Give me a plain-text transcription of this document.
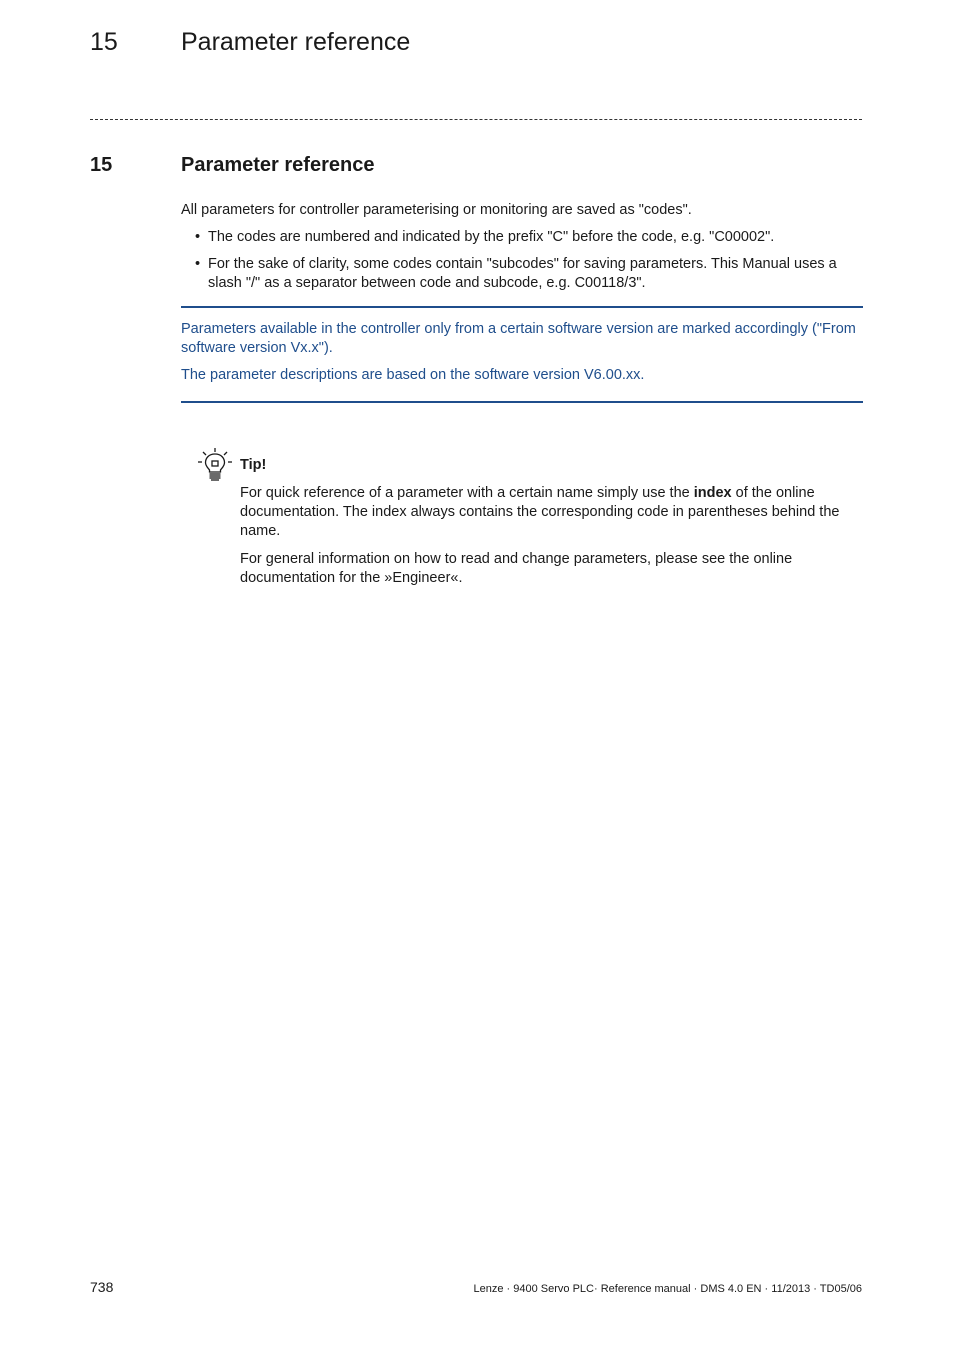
15	Parameter reference
15	Parameter reference
All parameters for controller parameterising or monitoring are saved as "codes".
• The codes are numbered and indicated by the prefix "C" before the code, e.g. "C00002".
• For the sake of clarity, some codes contain "subcodes" for saving parameters. This Manual uses a slash "/" as a separator between code and subcode, e.g. C00118/3".
Parameters available in the controller only from a certain software version are marked accordingly ("From software version Vx.x").
The parameter descriptions are based on the software version V6.00.xx.
Tip!
For quick reference of a parameter with a certain name simply use the index of the online documentation. The index always contains the corresponding code in parentheses behind the name.
For general information on how to read and change parameters, please see the online documentation for the »Engineer«.
738	Lenze · 9400 Servo PLC· Reference manual · DMS 4.0 EN · 11/2013 · TD05/06
